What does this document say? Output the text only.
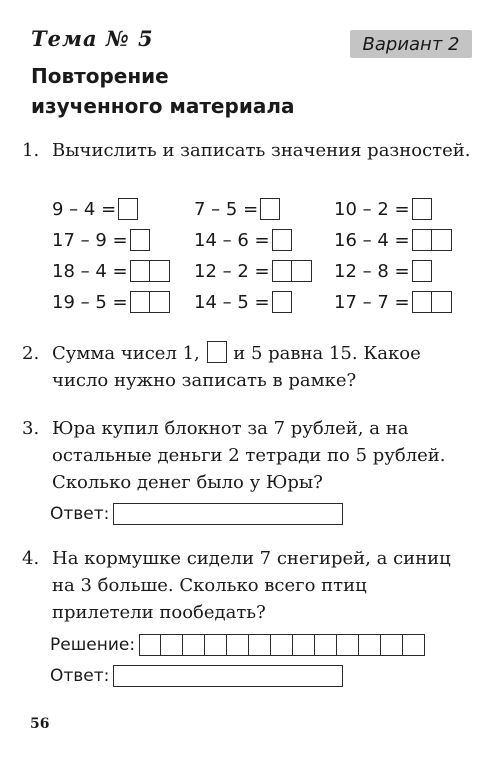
Тема № 5	Вариант 2
Повторение
изученного материала
1. Вычислить и записать значения разностей.
9 – 4 =	7 – 5 =	10 – 2 =
17 – 9 =	14 – 6 =	16 – 4 =
18 – 4 =	12 – 2 =	12 – 8 =
19 – 5 =	14 – 5 =	17 – 7 =
2. Сумма чисел 1, и 5 равна 15. Какое число нужно записать в рамке?
3. Юра купил блокнот за 7 рублей, а на остальные деньги 2 тетради по 5 рублей. Сколько денег было у Юры?
Ответ:
4. На кормушке сидели 7 снегирей, а синиц на 3 больше. Сколько всего птиц прилетели пообедать?
Решение:
Ответ:
56
